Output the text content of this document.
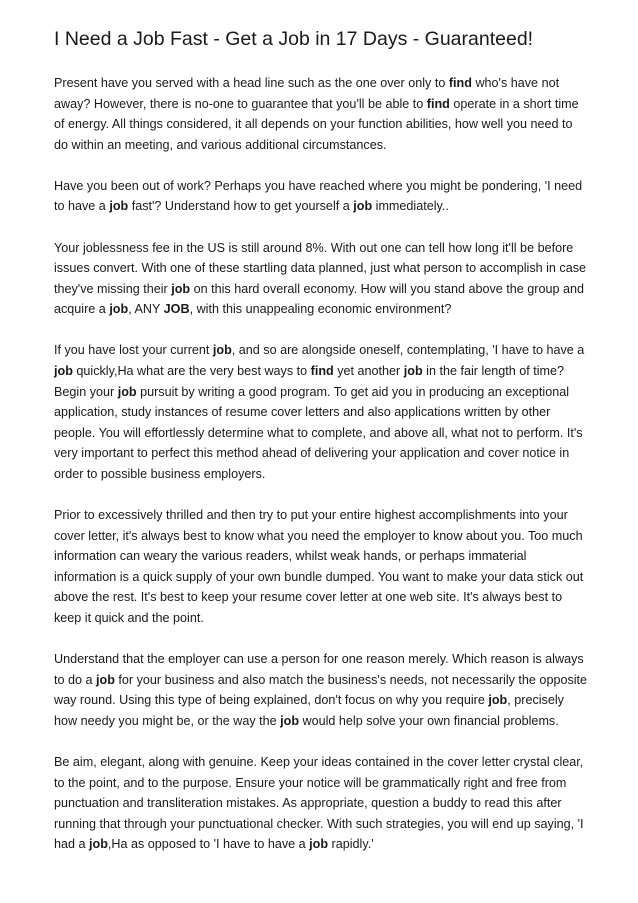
I Need a Job Fast - Get a Job in 17 Days - Guaranteed!

Present have you served with a head line such as the one over only to find who's have not away? However, there is no-one to guarantee that you'll be able to find operate in a short time of energy. All things considered, it all depends on your function abilities, how well you need to do within an meeting, and various additional circumstances.

Have you been out of work? Perhaps you have reached where you might be pondering, 'I need to have a job fast'? Understand how to get yourself a job immediately..

Your joblessness fee in the US is still around 8%. With out one can tell how long it'll be before issues convert. With one of these startling data planned, just what person to accomplish in case they've missing their job on this hard overall economy. How will you stand above the group and acquire a job, ANY JOB, with this unappealing economic environment?

If you have lost your current job, and so are alongside oneself, contemplating, 'I have to have a job quickly,Ha what are the very best ways to find yet another job in the fair length of time? Begin your job pursuit by writing a good program. To get aid you in producing an exceptional application, study instances of resume cover letters and also applications written by other people. You will effortlessly determine what to complete, and above all, what not to perform. It's very important to perfect this method ahead of delivering your application and cover notice in order to possible business employers.

Prior to excessively thrilled and then try to put your entire highest accomplishments into your cover letter, it's always best to know what you need the employer to know about you. Too much information can weary the various readers, whilst weak hands, or perhaps immaterial information is a quick supply of your own bundle dumped. You want to make your data stick out above the rest. It's best to keep your resume cover letter at one web site. It's always best to keep it quick and the point.

Understand that the employer can use a person for one reason merely. Which reason is always to do a job for your business and also match the business's needs, not necessarily the opposite way round. Using this type of being explained, don't focus on why you require job, precisely how needy you might be, or the way the job would help solve your own financial problems.

Be aim, elegant, along with genuine. Keep your ideas contained in the cover letter crystal clear, to the point, and to the purpose. Ensure your notice will be grammatically right and free from punctuation and transliteration mistakes. As appropriate, question a buddy to read this after running that through your punctuational checker. With such strategies, you will end up saying, 'I had a job,Ha as opposed to 'I have to have a job rapidly.'
